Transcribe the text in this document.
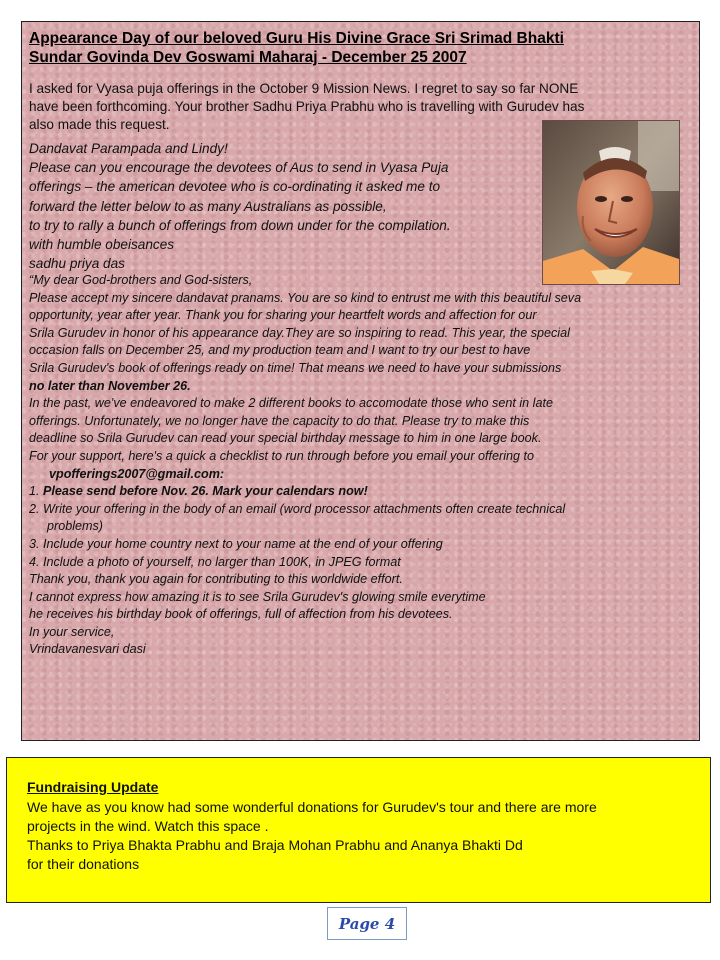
Appearance Day of our beloved Guru His Divine Grace Sri Srimad Bhakti
Sundar Govinda Dev Goswami Maharaj - December 25 2007

I asked for Vyasa puja offerings in the October 9 Mission News. I regret to say so far NONE
have been forthcoming. Your brother Sadhu Priya Prabhu who is travelling with Gurudev has
also made this request.

Dandavat Parampada and Lindy!
Please can you encourage the devotees of Aus to send in Vyasa Puja
offerings – the american devotee who is co-ordinating it asked me to
forward the letter below to as many Australians as possible,
to try to rally a bunch of offerings from down under for the compilation.
with humble obeisances
sadhu priya das

“My dear God-brothers and God-sisters,
Please accept my sincere dandavat pranams. You are so kind to entrust me with this beautiful seva
opportunity, year after year. Thank you for sharing your heartfelt words and affection for our
Srila Gurudev in honor of his appearance day.They are so inspiring to read. This year, the special
occasion falls on December 25, and my production team and I want to try our best to have
Srila Gurudev's book of offerings ready on time! That means we need to have your submissions
no later than November 26.
In the past, we've endeavored to make 2 different books to accomodate those who sent in late
offerings. Unfortunately, we no longer have the capacity to do that. Please try to make this
deadline so Srila Gurudev can read your special birthday message to him in one large book.
For your support, here's a quick a checklist to run through before you email your offering to
vpofferings2007@gmail.com:
1. Please send before Nov. 26. Mark your calendars now!
2. Write your offering in the body of an email (word processor attachments often create technical
problems)
3. Include your home country next to your name at the end of your offering
4. Include a photo of yourself, no larger than 100K, in JPEG format
Thank you, thank you again for contributing to this worldwide effort.
I cannot express how amazing it is to see Srila Gurudev's glowing smile everytime
he receives his birthday book of offerings, full of affection from his devotees.
In your service,
Vrindavanesvari dasi

Fundraising Update

We have as you know had some wonderful donations for Gurudev's tour and there are more
projects in the wind. Watch this space .
Thanks to Priya Bhakta Prabhu and Braja Mohan Prabhu and Ananya Bhakti Dd
for their donations

Page 4
